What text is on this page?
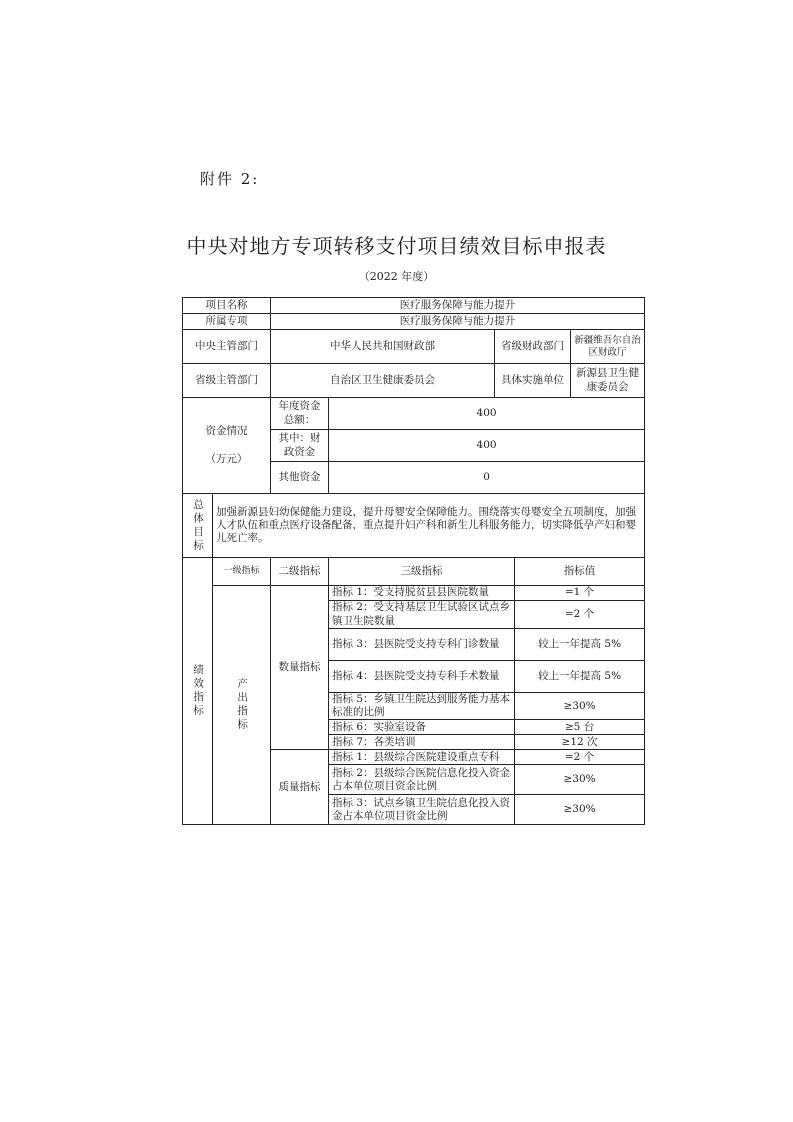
附件 2:
中央对地方专项转移支付项目绩效目标申报表
（2022 年度）
项目名称		医疗服务保障与能力提升				
所属专项		医疗服务保障与能力提升				
中央主管部门		中华人民共和国财政部		省级财政部门		新疆维吾尔自治区财政厅
省级主管部门		自治区卫生健康委员会		具体实施单位		新源县卫生健康委员会

资金情况
（万元）		年度资金总额：	400			
		其中：财政资金	400			
		其他资金	0			
总体目标	加强新源县妇幼保健能力建设，提升母婴安全保障能力。围绕落实母婴安全五项制度，加强人才队伍和重点医疗设备配备，重点提升妇产科和新生儿科服务能力，切实降低孕产妇和婴儿死亡率。					
绩效指标	一级指标	二级指标	三级指标		指标值	
	产出指标	数量指标	指标 1：受支持脱贫县县医院数量		=1 个	
			指标 2：受支持基层卫生试验区试点乡镇卫生院数量		=2 个	
			指标 3：县医院受支持专科门诊数量		较上一年提高 5%	
			指标 4：县医院受支持专科手术数量		较上一年提高 5%	
			指标 5：乡镇卫生院达到服务能力基本标准的比例		≥30%	
			指标 6：实验室设备		≥5 台	
			指标 7：各类培训		≥12 次	
		质量指标	指标 1：县级综合医院建设重点专科		=2 个	
			指标 2：县级综合医院信息化投入资金占本单位项目资金比例		≥30%	
			指标 3：试点乡镇卫生院信息化投入资金占本单位项目资金比例		≥30%	
